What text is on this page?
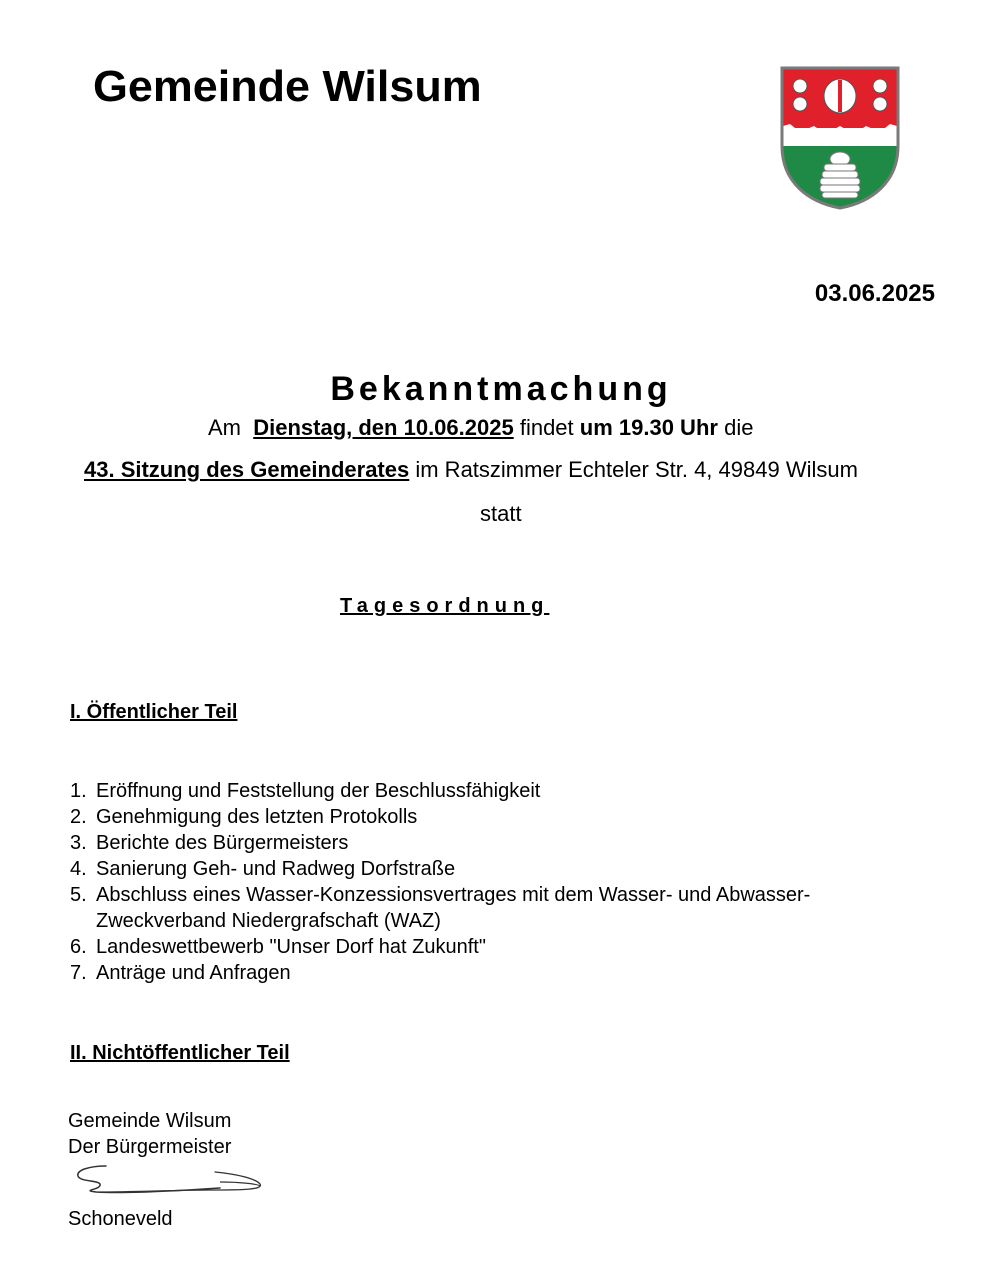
Gemeinde Wilsum
03.06.2025
Bekanntmachung
Am Dienstag, den 10.06.2025 findet um 19.30 Uhr die
43. Sitzung des Gemeinderates im Ratszimmer Echteler Str. 4, 49849 Wilsum
statt
Tagesordnung
I. Öffentlicher Teil
1. Eröffnung und Feststellung der Beschlussfähigkeit
2. Genehmigung des letzten Protokolls
3. Berichte des Bürgermeisters
4. Sanierung Geh- und Radweg Dorfstraße
5. Abschluss eines Wasser-Konzessionsvertrages mit dem Wasser- und Abwasser-Zweckverband Niedergrafschaft (WAZ)
6. Landeswettbewerb "Unser Dorf hat Zukunft"
7. Anträge und Anfragen
II. Nichtöffentlicher Teil
Gemeinde Wilsum
Der Bürgermeister
Schoneveld
